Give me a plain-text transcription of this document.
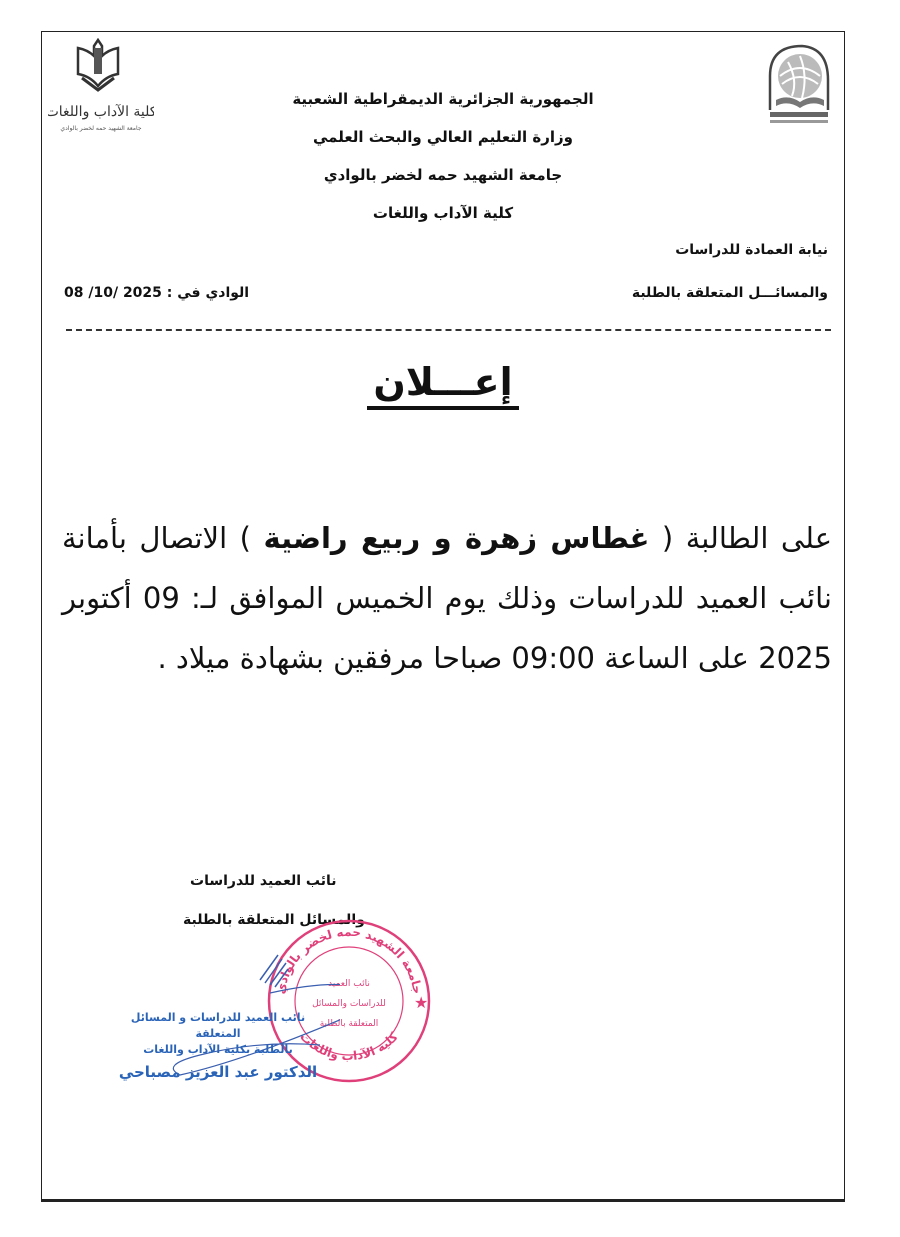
كلية الآداب واللغات
جامعة الشهيد حمه لخضر بالوادي
الجمهورية الجزائرية الديمقراطية الشعبية
وزارة التعليم العالي والبحث العلمي
جامعة الشهيد حمه لخضر بالوادي
كلية الآداب واللغات
نيابة العمادة للدراسات
والمسائـــل المتعلقة بالطلبة
الوادي في : 08 /10/ 2025
إعـــلان
على الطالبة ( غطاس زهرة و ربيع راضية ) الاتصال بأمانة نائب العميد للدراسات وذلك يوم الخميس الموافق لـ: 09 أكتوبر 2025 على الساعة 09:00 صباحا مرفقين بشهادة ميلاد .
نائب العميد للدراسات
والمسائل المتعلقة بالطلبة
جامعة الشهيد حمه لخضر بالوادي
كلية الآداب واللغات
★
نائب العميد
للدراسات والمسائل
المتعلقة بالطلبة
نائب العميد للدراسات و المسائل المتعلقة
بالطلبة بكلية الآداب واللغات
الدكتور عبد العزيز مصباحي
